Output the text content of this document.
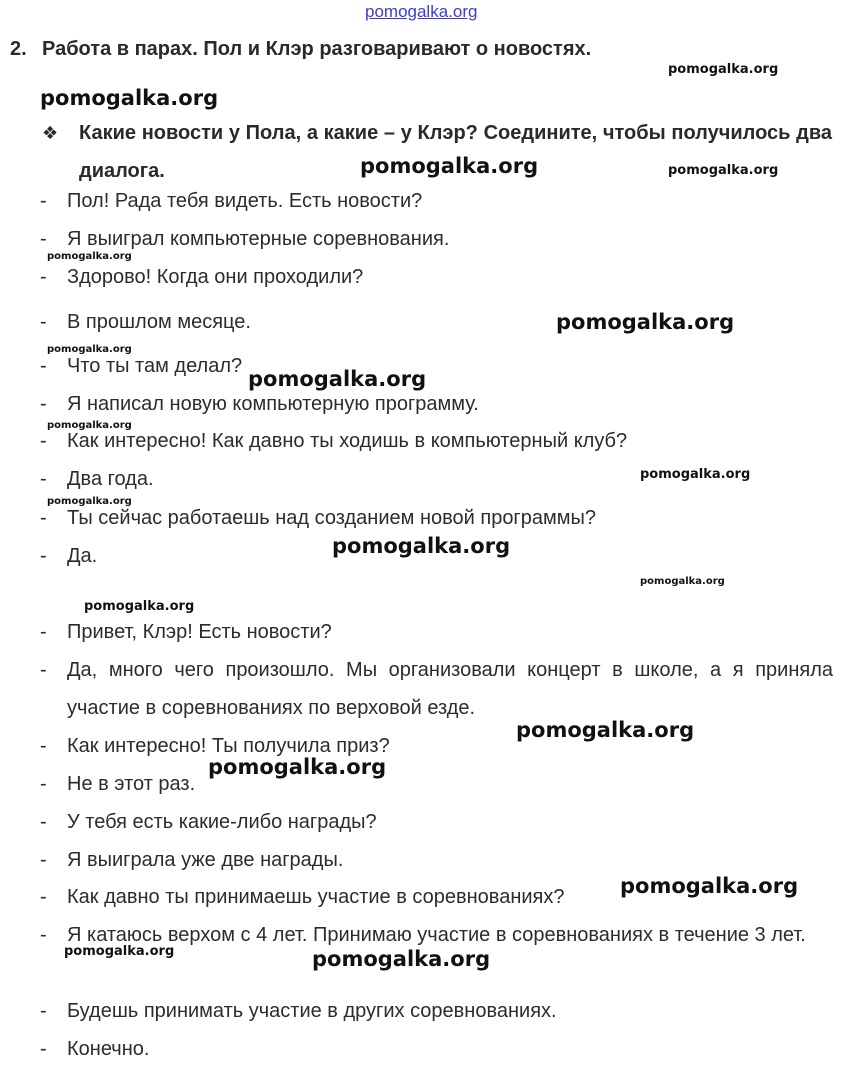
pomogalka.org
2. Работа в парах. Пол и Клэр разговаривают о новостях.
❖	Какие новости у Пола, а какие – у Клэр? Соедините, чтобы получилось два диалога.
-	Пол! Рада тебя видеть. Есть новости?
-	Я выиграл компьютерные соревнования.
-	Здорово! Когда они проходили?
-	В прошлом месяце.
-	Что ты там делал?
-	Я написал новую компьютерную программу.
-	Как интересно! Как давно ты ходишь в компьютерный клуб?
-	Два года.
-	Ты сейчас работаешь над созданием новой программы?
-	Да.
-	Привет, Клэр! Есть новости?
-	Да, много чего произошло. Мы организовали концерт в школе, а я приняла участие в соревнованиях по верховой езде.
-	Как интересно! Ты получила приз?
-	Не в этот раз.
-	У тебя есть какие-либо награды?
-	Я выиграла уже две награды.
-	Как давно ты принимаешь участие в соревнованиях?
-	Я катаюсь верхом с 4 лет. Принимаю участие в соревнованиях в течение 3 лет.
-	Будешь принимать участие в других соревнованиях.
-	Конечно.
pomogalka.org
pomogalka.org
pomogalka.org	pomogalka.org
pomogalka.org
pomogalka.org
pomogalka.org
pomogalka.org
pomogalka.org
pomogalka.org
pomogalka.org
pomogalka.org
pomogalka.org
pomogalka.org
pomogalka.org
pomogalka.org
pomogalka.org
pomogalka.org	pomogalka.org
